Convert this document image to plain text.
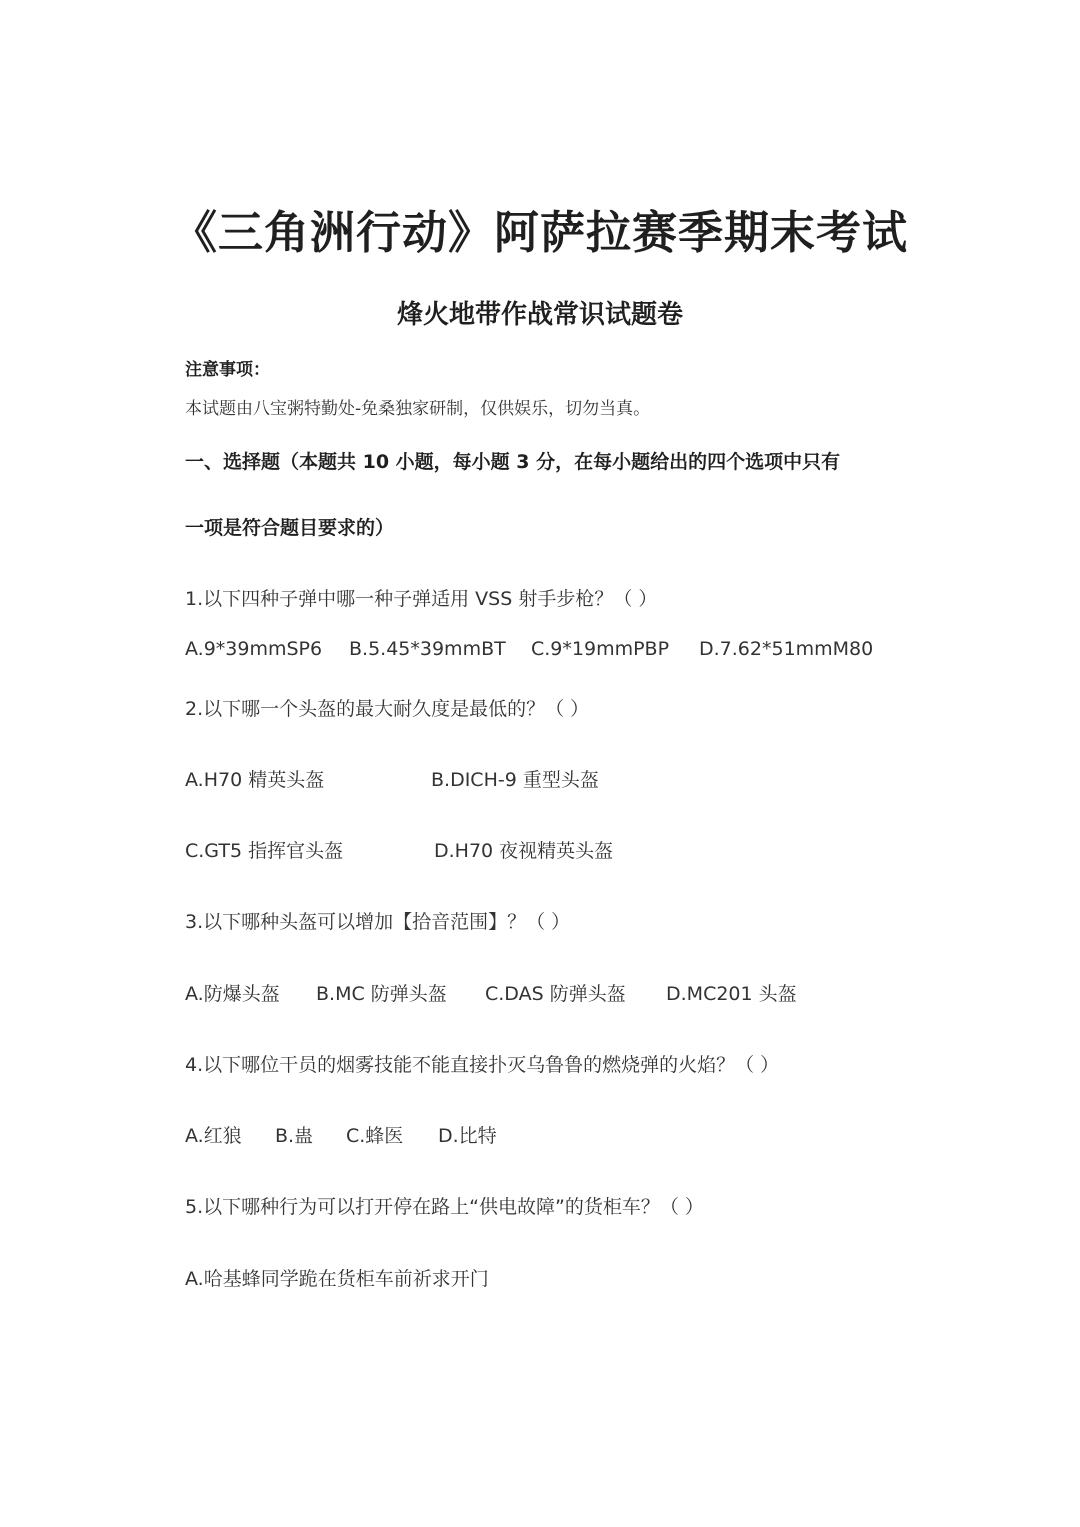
《三角洲行动》阿萨拉赛季期末考试
烽火地带作战常识试题卷
注意事项：
本试题由八宝粥特勤处-免桑独家研制，仅供娱乐，切勿当真。
一、选择题（本题共 10 小题，每小题 3 分，在每小题给出的四个选项中只有
一项是符合题目要求的）
1.以下四种子弹中哪一种子弹适用 VSS 射手步枪？（ ）
A.9*39mmSP6 B.5.45*39mmBT C.9*19mmPBP D.7.62*51mmM80
2.以下哪一个头盔的最大耐久度是最低的？（ ）
A.H70 精英头盔	B.DICH-9 重型头盔
C.GT5 指挥官头盔	D.H70 夜视精英头盔
3.以下哪种头盔可以增加【拾音范围】？（ ）
A.防爆头盔 B.MC 防弹头盔 C.DAS 防弹头盔 D.MC201 头盔
4.以下哪位干员的烟雾技能不能直接扑灭乌鲁鲁的燃烧弹的火焰？（ ）
A.红狼 B.蛊 C.蜂医 D.比特
5.以下哪种行为可以打开停在路上“供电故障”的货柜车？（ ）
A.哈基蜂同学跪在货柜车前祈求开门
